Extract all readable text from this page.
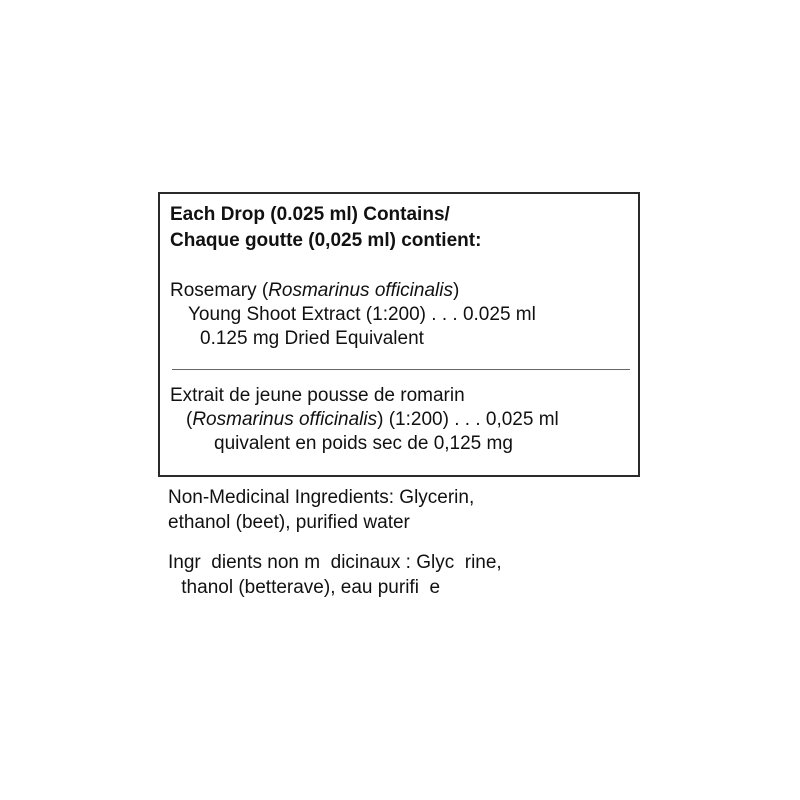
Each Drop (0.025 ml) Contains/
Chaque goutte (0,025 ml) contient:
Rosemary (Rosmarinus officinalis)
Young Shoot Extract (1:200) . . . 0.025 ml
0.125 mg Dried Equivalent
Extrait de jeune pousse de romarin
(Rosmarinus officinalis) (1:200) . . . 0,025 ml
quivalent en poids sec de 0,125 mg
Non-Medicinal Ingredients: Glycerin,
ethanol (beet), purified water
Ingr  dients non m  dicinaux : Glyc  rine,
thanol (betterave), eau purifi  e
